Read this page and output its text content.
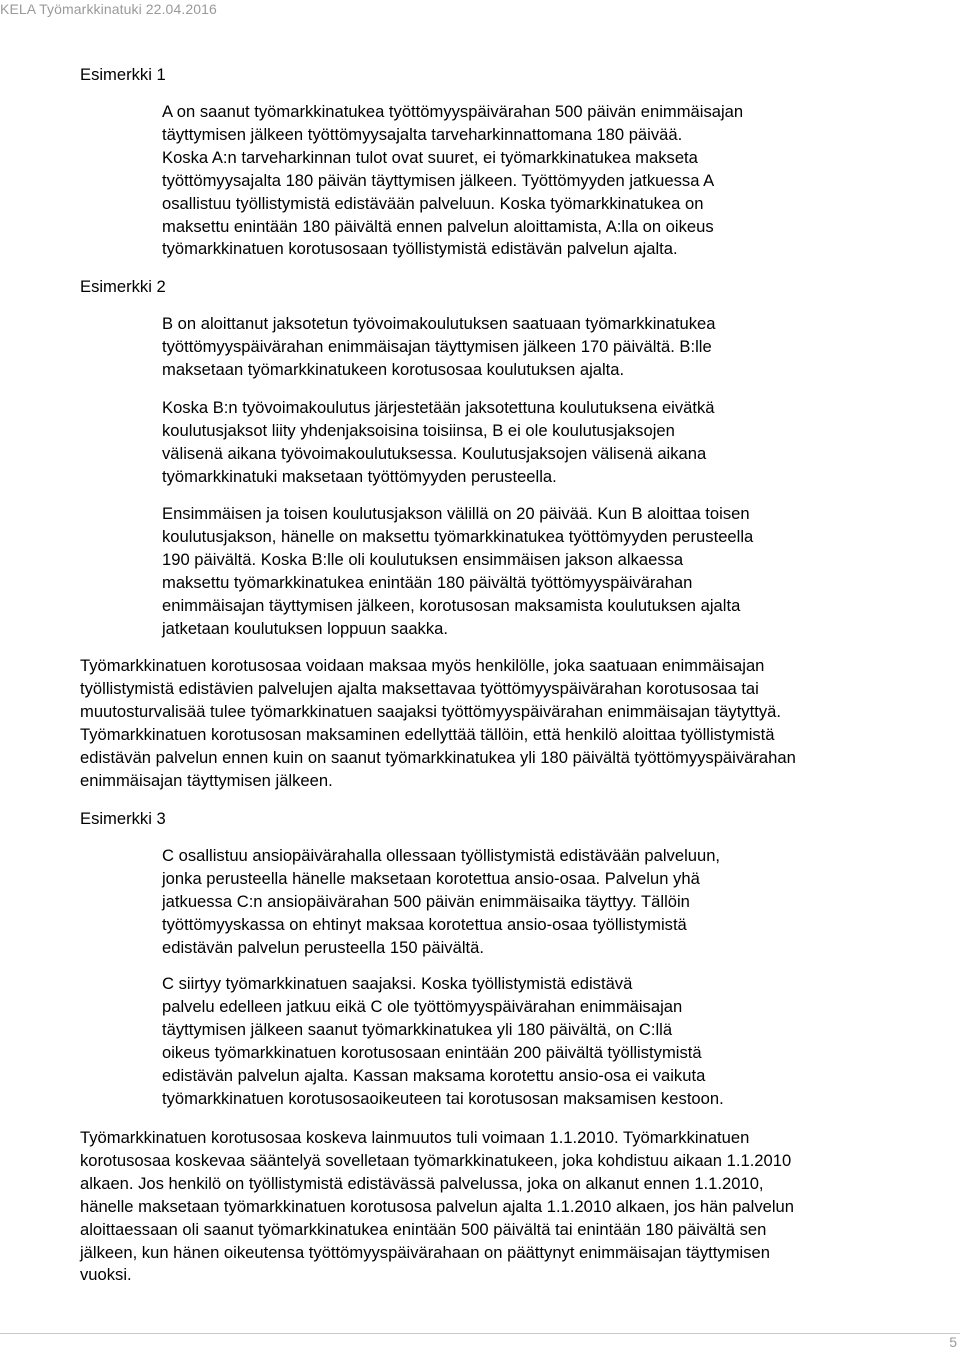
KELA Työmarkkinatuki 22.04.2016
Esimerkki 1
A on saanut työmarkkinatukea työttömyyspäivärahan 500 päivän enimmäisajan
täyttymisen jälkeen työttömyysajalta tarveharkinnattomana 180 päivää.
Koska A:n tarveharkinnan tulot ovat suuret, ei työmarkkinatukea makseta
työttömyysajalta 180 päivän täyttymisen jälkeen. Työttömyyden jatkuessa A
osallistuu työllistymistä edistävään palveluun. Koska työmarkkinatukea on
maksettu enintään 180 päivältä ennen palvelun aloittamista, A:lla on oikeus
työmarkkinatuen korotusosaan työllistymistä edistävän palvelun ajalta.
Esimerkki 2
B on aloittanut jaksotetun työvoimakoulutuksen saatuaan työmarkkinatukea
työttömyyspäivärahan enimmäisajan täyttymisen jälkeen 170 päivältä. B:lle
maksetaan työmarkkinatukeen korotusosaa koulutuksen ajalta.
Koska B:n työvoimakoulutus järjestetään jaksotettuna koulutuksena eivätkä
koulutusjaksot liity yhdenjaksoisina toisiinsa, B ei ole koulutusjaksojen
välisenä aikana työvoimakoulutuksessa. Koulutusjaksojen välisenä aikana
työmarkkinatuki maksetaan työttömyyden perusteella.
Ensimmäisen ja toisen koulutusjakson välillä on 20 päivää. Kun B aloittaa toisen
koulutusjakson, hänelle on maksettu työmarkkinatukea työttömyyden perusteella
190 päivältä. Koska B:lle oli koulutuksen ensimmäisen jakson alkaessa
maksettu työmarkkinatukea enintään 180 päivältä työttömyyspäivärahan
enimmäisajan täyttymisen jälkeen, korotusosan maksamista koulutuksen ajalta
jatketaan koulutuksen loppuun saakka.
Työmarkkinatuen korotusosaa voidaan maksaa myös henkilölle, joka saatuaan enimmäisajan
työllistymistä edistävien palvelujen ajalta maksettavaa työttömyyspäivärahan korotusosaa tai
muutosturvalisää tulee työmarkkinatuen saajaksi työttömyyspäivärahan enimmäisajan täytyttyä.
Työmarkkinatuen korotusosan maksaminen edellyttää tällöin, että henkilö aloittaa työllistymistä
edistävän palvelun ennen kuin on saanut työmarkkinatukea yli 180 päivältä työttömyyspäivärahan
enimmäisajan täyttymisen jälkeen.
Esimerkki 3
C osallistuu ansiopäivärahalla ollessaan työllistymistä edistävään palveluun,
jonka perusteella hänelle maksetaan korotettua ansio-osaa. Palvelun yhä
jatkuessa C:n ansiopäivärahan 500 päivän enimmäisaika täyttyy. Tällöin
työttömyyskassa on ehtinyt maksaa korotettua ansio-osaa työllistymistä
edistävän palvelun perusteella 150 päivältä.
C siirtyy työmarkkinatuen saajaksi. Koska työllistymistä edistävä
palvelu edelleen jatkuu eikä C ole työttömyyspäivärahan enimmäisajan
täyttymisen jälkeen saanut työmarkkinatukea yli 180 päivältä, on C:llä
oikeus työmarkkinatuen korotusosaan enintään 200 päivältä työllistymistä
edistävän palvelun ajalta. Kassan maksama korotettu ansio-osa ei vaikuta
työmarkkinatuen korotusosaoikeuteen tai korotusosan maksamisen kestoon.
Työmarkkinatuen korotusosaa koskeva lainmuutos tuli voimaan 1.1.2010. Työmarkkinatuen
korotusosaa koskevaa sääntelyä sovelletaan työmarkkinatukeen, joka kohdistuu aikaan 1.1.2010
alkaen. Jos henkilö on työllistymistä edistävässä palvelussa, joka on alkanut ennen 1.1.2010,
hänelle maksetaan työmarkkinatuen korotusosa palvelun ajalta 1.1.2010 alkaen, jos hän palvelun
aloittaessaan oli saanut työmarkkinatukea enintään 500 päivältä tai enintään 180 päivältä sen
jälkeen, kun hänen oikeutensa työttömyyspäivärahaan on päättynyt enimmäisajan täyttymisen
vuoksi.
5
